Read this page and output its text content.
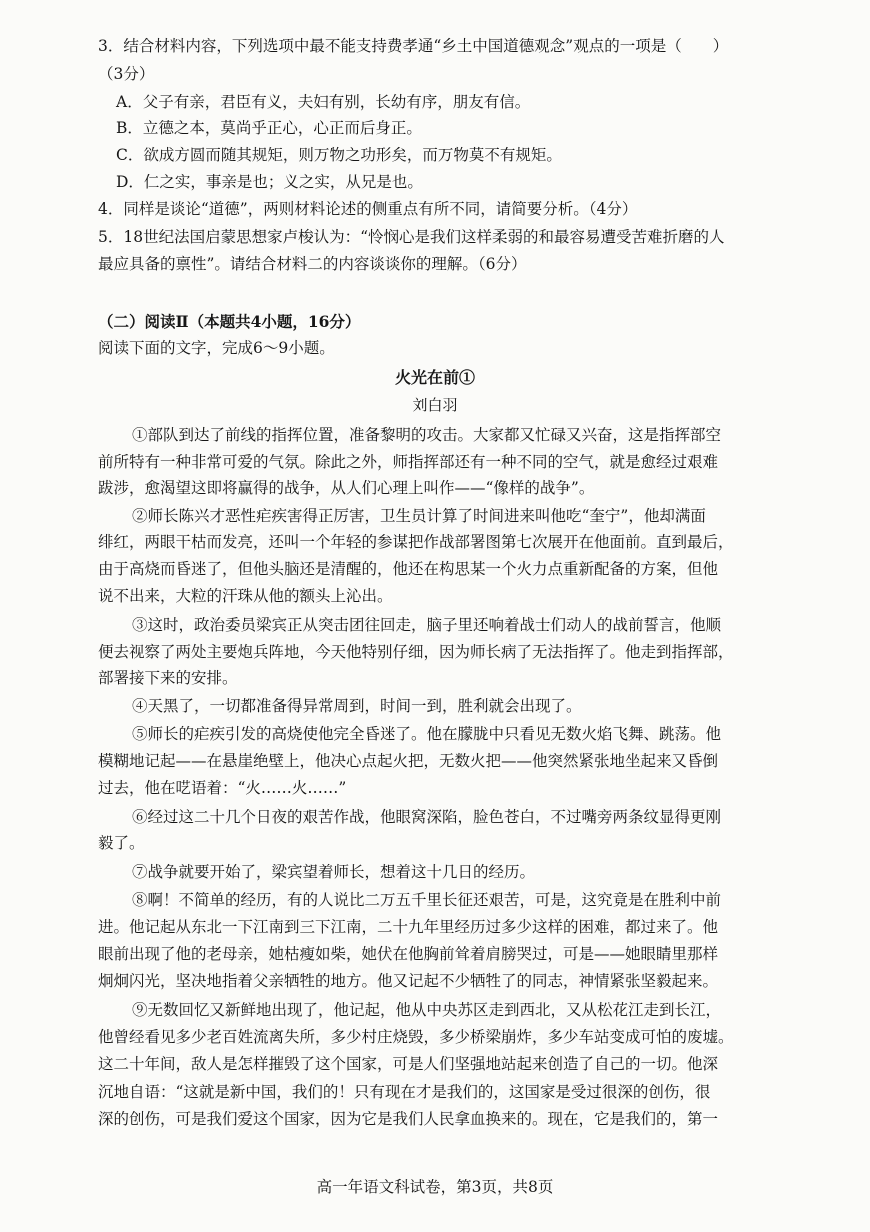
3．结合材料内容，下列选项中最不能支持费孝通“乡土中国道德观念”观点的一项是（　　）
（3分）
A．父子有亲，君臣有义，夫妇有别，长幼有序，朋友有信。
B．立德之本，莫尚乎正心，心正而后身正。
C．欲成方圆而随其规矩，则万物之功形矣，而万物莫不有规矩。
D．仁之实，事亲是也；义之实，从兄是也。
4．同样是谈论“道德”，两则材料论述的侧重点有所不同，请简要分析。（4分）
5．18世纪法国启蒙思想家卢梭认为：“怜悯心是我们这样柔弱的和最容易遭受苦难折磨的人
最应具备的禀性”。请结合材料二的内容谈谈你的理解。（6分）
（二）阅读Ⅱ（本题共4小题，16分）
阅读下面的文字，完成6～9小题。
火光在前①
刘白羽
①部队到达了前线的指挥位置，准备黎明的攻击。大家都又忙碌又兴奋，这是指挥部空
前所特有一种非常可爱的气氛。除此之外，师指挥部还有一种不同的空气，就是愈经过艰难
跋涉，愈渴望这即将赢得的战争，从人们心理上叫作——“像样的战争”。
②师长陈兴才恶性疟疾害得正厉害，卫生员计算了时间进来叫他吃“奎宁”，他却满面
绯红，两眼干枯而发亮，还叫一个年轻的参谋把作战部署图第七次展开在他面前。直到最后，
由于高烧而昏迷了，但他头脑还是清醒的，他还在构思某一个火力点重新配备的方案，但他
说不出来，大粒的汗珠从他的额头上沁出。
③这时，政治委员梁宾正从突击团往回走，脑子里还响着战士们动人的战前誓言，他顺
便去视察了两处主要炮兵阵地，今天他特别仔细，因为师长病了无法指挥了。他走到指挥部，
部署接下来的安排。
④天黑了，一切都准备得异常周到，时间一到，胜利就会出现了。
⑤师长的疟疾引发的高烧使他完全昏迷了。他在朦胧中只看见无数火焰飞舞、跳荡。他
模糊地记起——在悬崖绝壁上，他决心点起火把，无数火把——他突然紧张地坐起来又昏倒
过去，他在呓语着：“火……火……”
⑥经过这二十几个日夜的艰苦作战，他眼窝深陷，脸色苍白，不过嘴旁两条纹显得更刚
毅了。
⑦战争就要开始了，梁宾望着师长，想着这十几日的经历。
⑧啊！不简单的经历，有的人说比二万五千里长征还艰苦，可是，这究竟是在胜利中前
进。他记起从东北一下江南到三下江南，二十九年里经历过多少这样的困难，都过来了。他
眼前出现了他的老母亲，她枯瘦如柴，她伏在他胸前耸着肩膀哭过，可是——她眼睛里那样
炯炯闪光，坚决地指着父亲牺牲的地方。他又记起不少牺牲了的同志，神情紧张坚毅起来。
⑨无数回忆又新鲜地出现了，他记起，他从中央苏区走到西北，又从松花江走到长江，
他曾经看见多少老百姓流离失所，多少村庄烧毁，多少桥梁崩炸，多少车站变成可怕的废墟。
这二十年间，敌人是怎样摧毁了这个国家，可是人们坚强地站起来创造了自己的一切。他深
沉地自语：“这就是新中国，我们的！只有现在才是我们的，这国家是受过很深的创伤，很
深的创伤，可是我们爱这个国家，因为它是我们人民拿血换来的。现在，它是我们的，第一
高一年语文科试卷，第3页，共8页
